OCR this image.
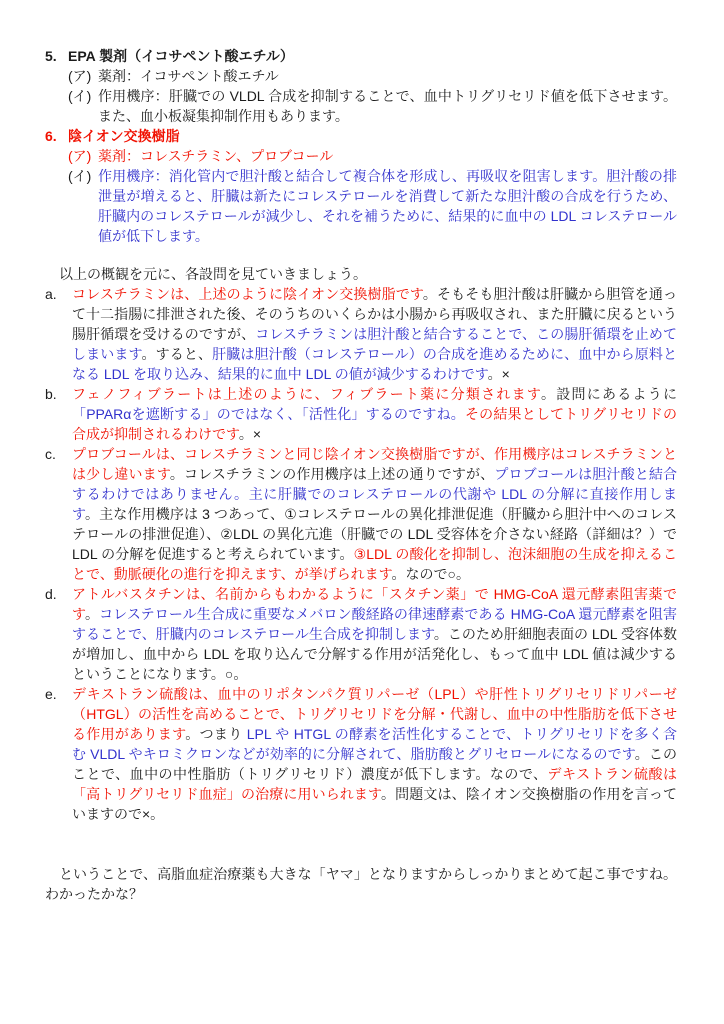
5. EPA 製剤（イコサペント酸エチル）
(ア) 薬剤：イコサペント酸エチル
(イ) 作用機序：肝臓での VLDL 合成を抑制することで、血中トリグリセリド値を低下させます。また、血小板凝集抑制作用もあります。
6. 陰イオン交換樹脂
(ア) 薬剤：コレスチラミン、プロブコール
(イ) 作用機序：消化管内で胆汁酸と結合して複合体を形成し、再吸収を阻害します。胆汁酸の排泄量が増えると、肝臓は新たにコレステロールを消費して新たな胆汁酸の合成を行うため、肝臓内のコレステロールが減少し、それを補うために、結果的に血中の LDL コレステロール値が低下します。
以上の概観を元に、各設問を見ていきましょう。
a.	コレスチラミンは、上述のように陰イオン交換樹脂です。そもそも胆汁酸は肝臓から胆管を通って十二指腸に排泄された後、そのうちのいくらかは小腸から再吸収され、また肝臓に戻るという腸肝循環を受けるのですが、コレスチラミンは胆汁酸と結合することで、この腸肝循環を止めてしまいます。すると、肝臓は胆汁酸（コレステロール）の合成を進めるために、血中から原料となる LDL を取り込み、結果的に血中 LDL の値が減少するわけです。×
b.	フェノフィブラートは上述のように、フィブラート薬に分類されます。設問にあるように「PPARαを遮断する」のではなく、「活性化」するのですね。その結果としてトリグリセリドの合成が抑制されるわけです。×
c.	プロブコールは、コレスチラミンと同じ陰イオン交換樹脂ですが、作用機序はコレスチラミンとは少し違います。コレスチラミンの作用機序は上述の通りですが、プロブコールは胆汁酸と結合するわけではありません。主に肝臓でのコレステロールの代謝や LDL の分解に直接作用します。主な作用機序は 3 つあって、①コレステロールの異化排泄促進（肝臓から胆汁中へのコレステロールの排泄促進）、②LDL の異化亢進（肝臓での LDL 受容体を介さない経路（詳細は？）で LDL の分解を促進すると考えられています。③LDL の酸化を抑制し、泡沫細胞の生成を抑えることで、動脈硬化の進行を抑えます、が挙げられます。なので○。
d.	アトルバスタチンは、名前からもわかるように「スタチン薬」で HMG-CoA 還元酵素阻害薬です。コレステロール生合成に重要なメバロン酸経路の律速酵素である HMG-CoA 還元酵素を阻害することで、肝臓内のコレステロール生合成を抑制します。このため肝細胞表面の LDL 受容体数が増加し、血中から LDL を取り込んで分解する作用が活発化し、もって血中 LDL 値は減少するということになります。○。
e.	デキストラン硫酸は、血中のリポタンパク質リパーゼ（LPL）や肝性トリグリセリドリパーゼ（HTGL）の活性を高めることで、トリグリセリドを分解・代謝し、血中の中性脂肪を低下させる作用があります。つまり LPL や HTGL の酵素を活性化することで、トリグリセリドを多く含む VLDL やキロミクロンなどが効率的に分解されて、脂肪酸とグリセロールになるのです。このことで、血中の中性脂肪（トリグリセリド）濃度が低下します。なので、デキストラン硫酸は「高トリグリセリド血症」の治療に用いられます。問題文は、陰イオン交換樹脂の作用を言っていますので×。
ということで、高脂血症治療薬も大きな「ヤマ」となりますからしっかりまとめて起こ事ですね。わかったかな？
